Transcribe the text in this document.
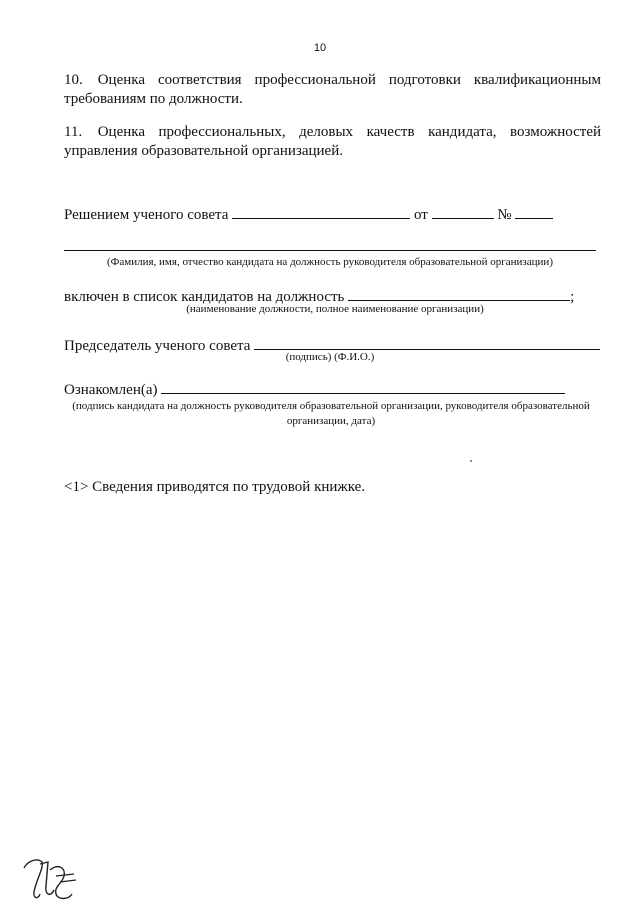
10
10. Оценка соответствия профессиональной подготовки квалификационным требованиям по должности.
11. Оценка профессиональных, деловых качеств кандидата, возможностей управления образовательной организацией.
Решением ученого совета	от	№
(Фамилия, имя, отчество кандидата на должность руководителя образовательной организации)
включен в список кандидатов на должность	;
(наименование должности, полное наименование организации)
Председатель ученого совета
(подпись) (Ф.И.О.)
Ознакомлен(а)
(подпись кандидата на должность руководителя образовательной организации, руководителя образовательной организации, дата)
<1> Сведения приводятся по трудовой книжке.
